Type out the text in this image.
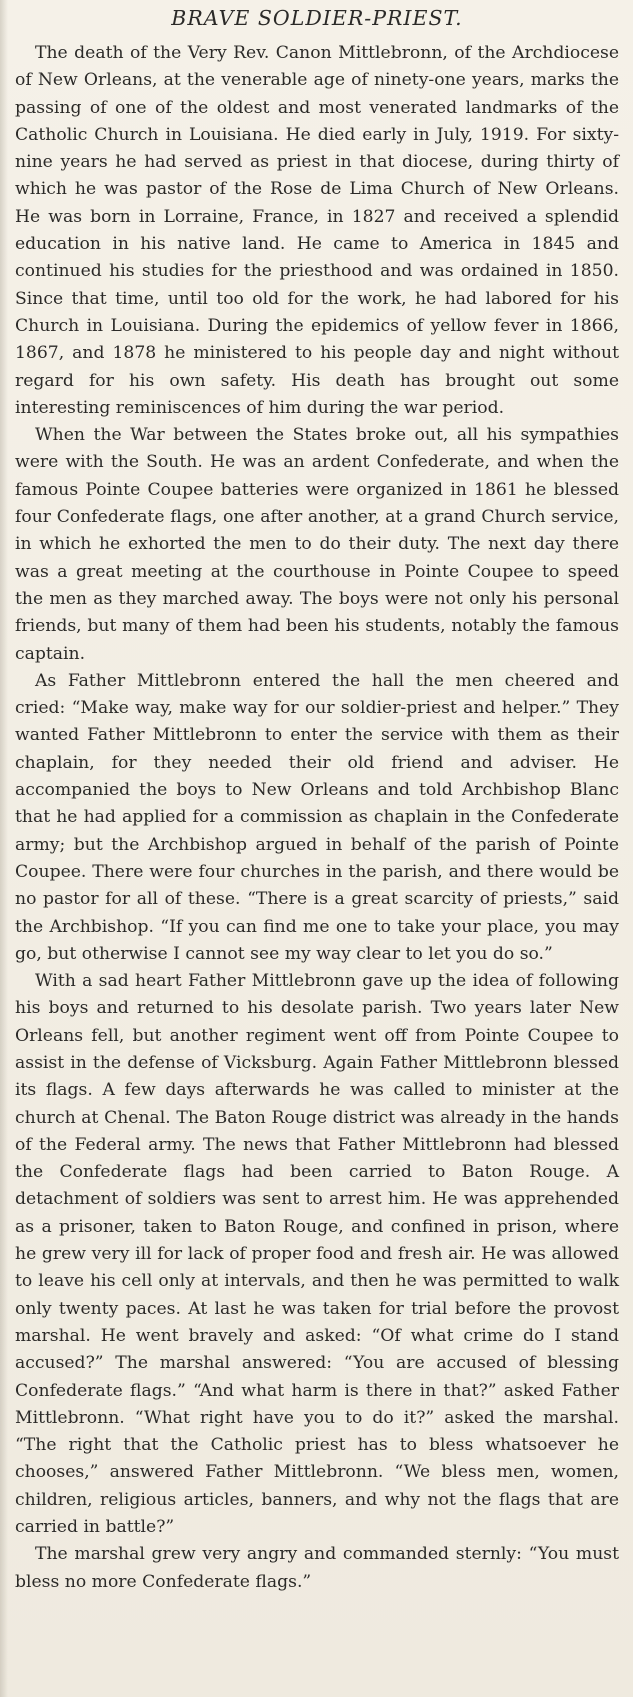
BRAVE SOLDIER-PRIEST.

The death of the Very Rev. Canon Mittlebronn, of the Archdiocese of New Orleans, at the venerable age of ninety-one years, marks the passing of one of the oldest and most venerated landmarks of the Catholic Church in Louisiana. He died early in July, 1919. For sixty-nine years he had served as priest in that diocese, during thirty of which he was pastor of the Rose de Lima Church of New Orleans. He was born in Lorraine, France, in 1827 and received a splendid education in his native land. He came to America in 1845 and continued his studies for the priesthood and was ordained in 1850. Since that time, until too old for the work, he had labored for his Church in Louisiana. During the epidemics of yellow fever in 1866, 1867, and 1878 he ministered to his people day and night without regard for his own safety. His death has brought out some interesting reminiscences of him during the war period.

When the War between the States broke out, all his sympathies were with the South. He was an ardent Confederate, and when the famous Pointe Coupee batteries were organized in 1861 he blessed four Confederate flags, one after another, at a grand Church service, in which he exhorted the men to do their duty. The next day there was a great meeting at the courthouse in Pointe Coupee to speed the men as they marched away. The boys were not only his personal friends, but many of them had been his students, notably the famous captain.

As Father Mittlebronn entered the hall the men cheered and cried: “Make way, make way for our soldier-priest and helper.” They wanted Father Mittlebronn to enter the service with them as their chaplain, for they needed their old friend and adviser. He accompanied the boys to New Orleans and told Archbishop Blanc that he had applied for a commission as chaplain in the Confederate army; but the Archbishop argued in behalf of the parish of Pointe Coupee. There were four churches in the parish, and there would be no pastor for all of these. “There is a great scarcity of priests,” said the Archbishop. “If you can find me one to take your place, you may go, but otherwise I cannot see my way clear to let you do so.”

With a sad heart Father Mittlebronn gave up the idea of following his boys and returned to his desolate parish. Two years later New Orleans fell, but another regiment went off from Pointe Coupee to assist in the defense of Vicksburg. Again Father Mittlebronn blessed its flags. A few days afterwards he was called to minister at the church at Chenal. The Baton Rouge district was already in the hands of the Federal army. The news that Father Mittlebronn had blessed the Confederate flags had been carried to Baton Rouge. A detachment of soldiers was sent to arrest him. He was apprehended as a prisoner, taken to Baton Rouge, and confined in prison, where he grew very ill for lack of proper food and fresh air. He was allowed to leave his cell only at intervals, and then he was permitted to walk only twenty paces. At last he was taken for trial before the provost marshal. He went bravely and asked: “Of what crime do I stand accused?” The marshal answered: “You are accused of blessing Confederate flags.” “And what harm is there in that?” asked Father Mittlebronn. “What right have you to do it?” asked the marshal. “The right that the Catholic priest has to bless whatsoever he chooses,” answered Father Mittlebronn. “We bless men, women, children, religious articles, banners, and why not the flags that are carried in battle?”

The marshal grew very angry and commanded sternly: “You must bless no more Confederate flags.”
